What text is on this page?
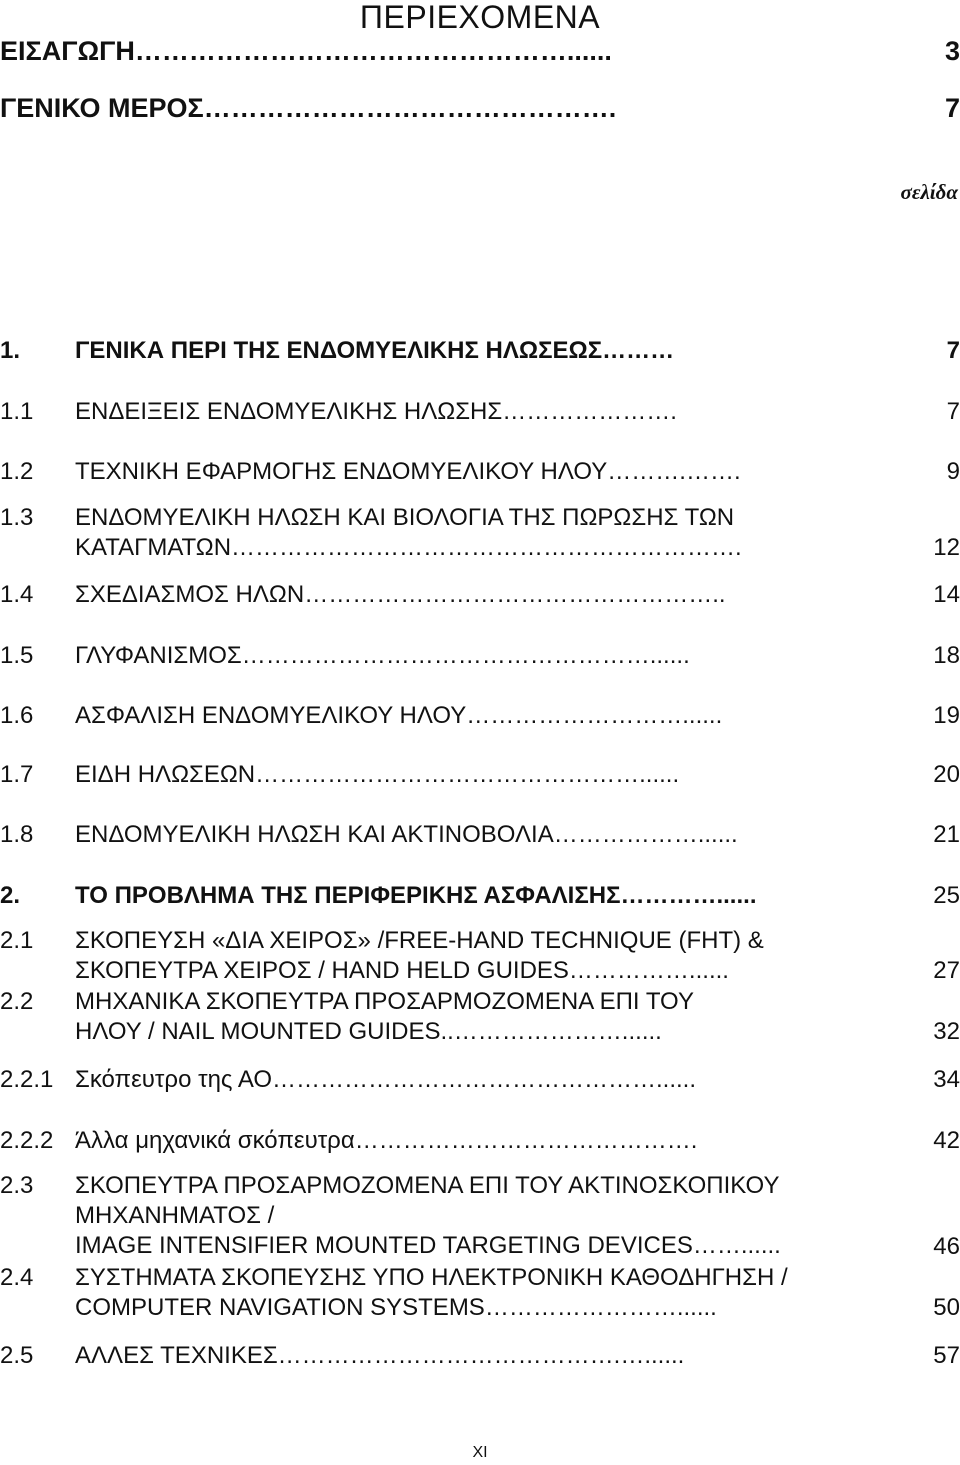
ΠΕΡΙΕΧΟΜΕΝΑ
σελίδα
ΕΙΣΑΓΩΓΗ…………………………………………......	3
ΓΕΝΙΚΟ ΜΕΡΟΣ……………………………………….	7
1. ΓΕΝΙΚΑ ΠΕΡΙ ΤΗΣ ΕΝΔΟΜΥΕΛΙΚΗΣ ΗΛΩΣΕΩΣ………	7
1.1 ΕΝΔΕΙΞΕΙΣ ΕΝΔΟΜΥΕΛΙΚΗΣ ΗΛΩΣΗΣ………………….	7
1.2 ΤΕΧΝΙΚΗ ΕΦΑΡΜΟΓΗΣ ΕΝΔΟΜΥΕΛΙΚΟΥ ΗΛΟΥ……….…….	9
1.3 ΕΝΔΟΜΥΕΛΙΚΗ ΗΛΩΣΗ ΚΑΙ ΒΙΟΛΟΓΙΑ ΤΗΣ ΠΩΡΩΣΗΣ ΤΩΝ
ΚΑΤΑΓΜΑΤΩΝ……………………………………………………….	12
1.4 ΣΧΕΔΙΑΣΜΟΣ ΗΛΩΝ……………………………………………..	14
1.5 ΓΛΥΦΑΝΙΣΜΟΣ……………………………………………......	18
1.6 ΑΣΦΑΛΙΣΗ ΕΝΔΟΜΥΕΛΙΚΟΥ ΗΛΟΥ………………………......	19
1.7 ΕΙΔΗ ΗΛΩΣΕΩΝ…………………………………………......	20
1.8 ΕΝΔΟΜΥΕΛΙΚΗ ΗΛΩΣΗ ΚΑΙ ΑΚΤΙΝΟΒΟΛΙΑ………………......	21
2. ΤΟ ΠΡΟΒΛΗΜΑ ΤΗΣ ΠΕΡΙΦΕΡΙΚΗΣ ΑΣΦΑΛΙΣΗΣ…………......	25
2.1 ΣΚΟΠΕΥΣΗ «ΔΙΑ ΧΕΙΡΟΣ» /FREE-HAND TECHNIQUE (FHT) &
ΣΚΟΠΕΥΤΡΑ ΧΕΙΡΟΣ / HAND HELD GUIDES……………......	27
2.2 ΜΗΧΑΝΙΚΑ ΣΚΟΠΕΥΤΡΑ ΠΡΟΣΑΡΜΟΖΟΜΕΝΑ ΕΠΙ ΤΟΥ
ΗΛΟΥ / NAIL MOUNTED GUIDES..…………………......	32
2.2.1 Σκόπευτρο της ΑΟ…………………………………………......	34
2.2.2 Άλλα μηχανικά σκόπευτρα…………………………………….	42
2.3 ΣΚΟΠΕΥΤΡΑ ΠΡΟΣΑΡΜΟΖΟΜΕΝΑ ΕΠΙ ΤΟΥ ΑΚΤΙΝΟΣΚΟΠΙΚΟΥ
ΜΗΧΑΝΗΜΑΤΟΣ /
IMAGE INTENSIFIER MOUNTED TARGETING DEVICES……......	46
2.4 ΣΥΣΤΗΜΑΤΑ ΣΚΟΠΕΥΣΗΣ ΥΠΟ ΗΛΕΚΤΡΟΝΙΚΗ ΚΑΘΟΔΗΓΗΣΗ /
COMPUTER NAVIGATION SYSTEMS……………………......	50
2.5 ΑΛΛΕΣ ΤΕΧΝΙΚΕΣ…………………………………….…......	57
ΧΙ
